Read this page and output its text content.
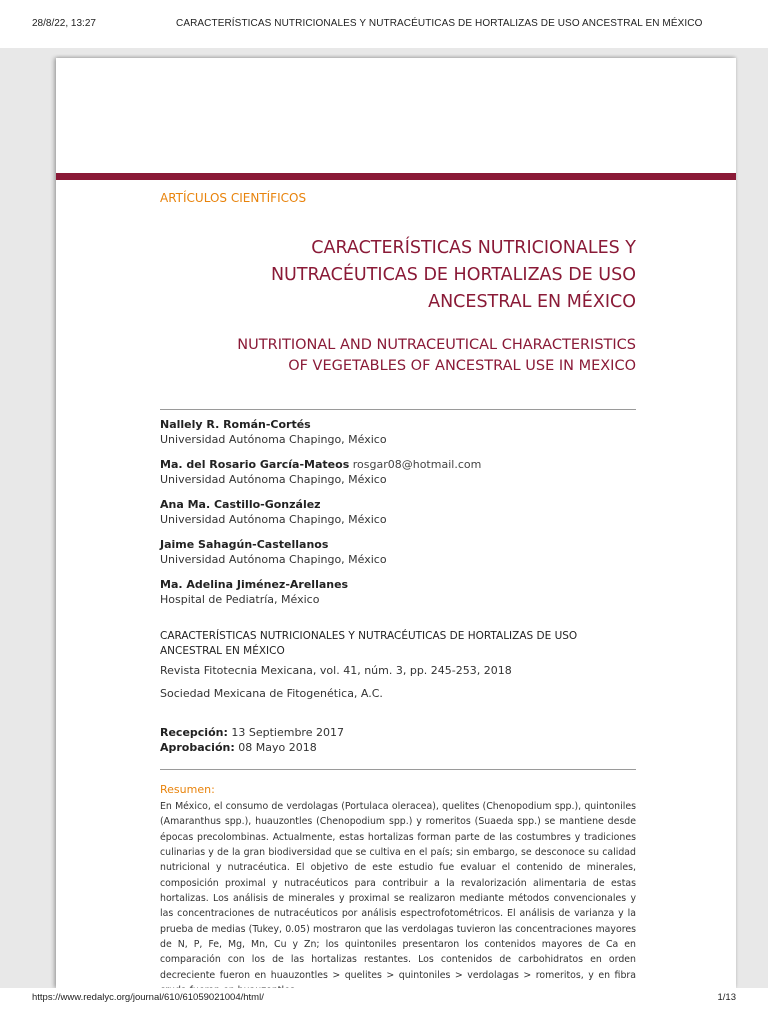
28/8/22, 13:27	CARACTERÍSTICAS NUTRICIONALES Y NUTRACÉUTICAS DE HORTALIZAS DE USO ANCESTRAL EN MÉXICO
ARTÍCULOS CIENTÍFICOS
CARACTERÍSTICAS NUTRICIONALES Y NUTRACÉUTICAS DE HORTALIZAS DE USO ANCESTRAL EN MÉXICO
NUTRITIONAL AND NUTRACEUTICAL CHARACTERISTICS OF VEGETABLES OF ANCESTRAL USE IN MEXICO
Nallely R. Román-Cortés
Universidad Autónoma Chapingo, México
Ma. del Rosario García-Mateos rosgar08@hotmail.com
Universidad Autónoma Chapingo, México
Ana Ma. Castillo-González
Universidad Autónoma Chapingo, México
Jaime Sahagún-Castellanos
Universidad Autónoma Chapingo, México
Ma. Adelina Jiménez-Arellanes
Hospital de Pediatría, México
CARACTERÍSTICAS NUTRICIONALES Y NUTRACÉUTICAS DE HORTALIZAS DE USO ANCESTRAL EN MÉXICO
Revista Fitotecnia Mexicana, vol. 41, núm. 3, pp. 245-253, 2018
Sociedad Mexicana de Fitogenética, A.C.
Recepción: 13 Septiembre 2017
Aprobación: 08 Mayo 2018
Resumen:
En México, el consumo de verdolagas (Portulaca oleracea), quelites (Chenopodium spp.), quintoniles (Amaranthus spp.), huauzontles (Chenopodium spp.) y romeritos (Suaeda spp.) se mantiene desde épocas precolombinas. Actualmente, estas hortalizas forman parte de las costumbres y tradiciones culinarias y de la gran biodiversidad que se cultiva en el país; sin embargo, se desconoce su calidad nutricional y nutracéutica. El objetivo de este estudio fue evaluar el contenido de minerales, composición proximal y nutracéuticos para contribuir a la revalorización alimentaria de estas hortalizas. Los análisis de minerales y proximal se realizaron mediante métodos convencionales y las concentraciones de nutracéuticos por análisis espectrofotométricos. El análisis de varianza y la prueba de medias (Tukey, 0.05) mostraron que las verdolagas tuvieron las concentraciones mayores de N, P, Fe, Mg, Mn, Cu y Zn; los quintoniles presentaron los contenidos mayores de Ca en comparación con los de las hortalizas restantes. Los contenidos de carbohidratos en orden decreciente fueron en huauzontles > quelites > quintoniles > verdolagas > romeritos, y en fibra
https://www.redalyc.org/journal/610/61059021004/html/	1/13
